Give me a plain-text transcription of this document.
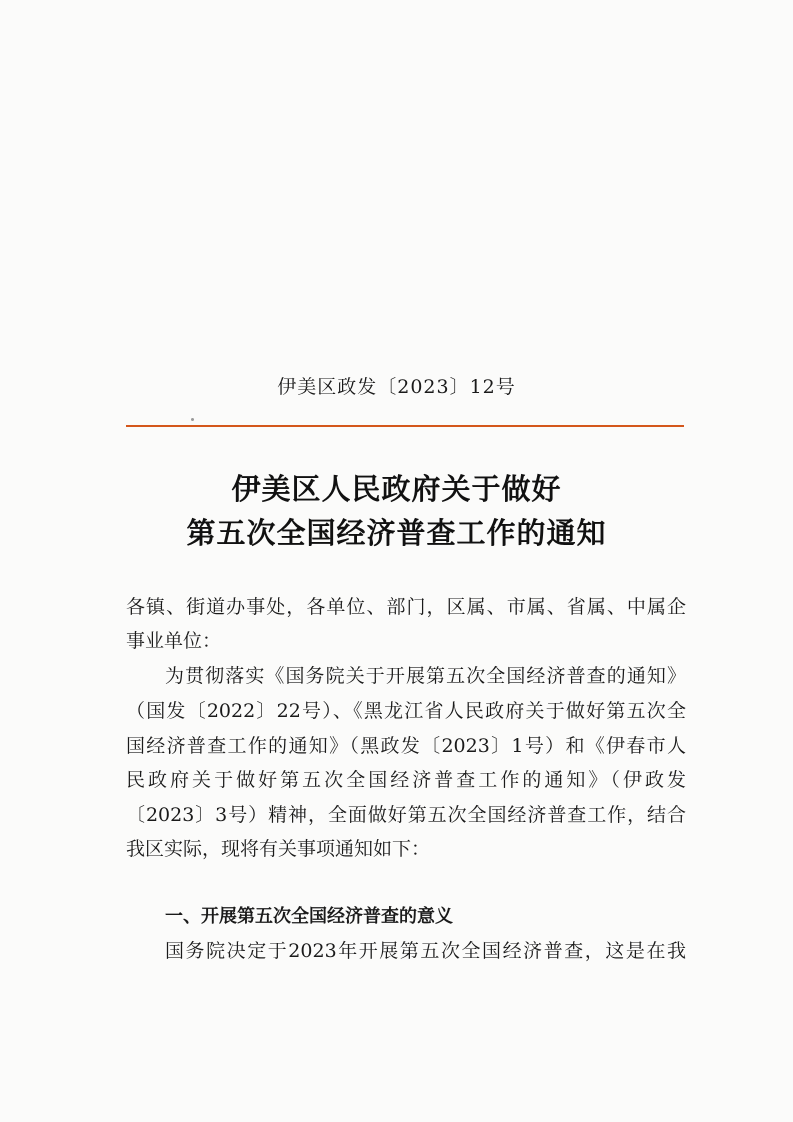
伊美区政发〔2023〕12号
伊美区人民政府关于做好
第五次全国经济普查工作的通知
各镇、街道办事处，各单位、部门，区属、市属、省属、中属企
事业单位：
为贯彻落实《国务院关于开展第五次全国经济普查的通知》
（国发〔2022〕22号）、《黑龙江省人民政府关于做好第五次全
国经济普查工作的通知》（黑政发〔2023〕1号）和《伊春市人
民政府关于做好第五次全国经济普查工作的通知》（伊政发
〔2023〕3号）精神，全面做好第五次全国经济普查工作，结合
我区实际，现将有关事项通知如下：
一、开展第五次全国经济普查的意义
国务院决定于2023年开展第五次全国经济普查，这是在我
